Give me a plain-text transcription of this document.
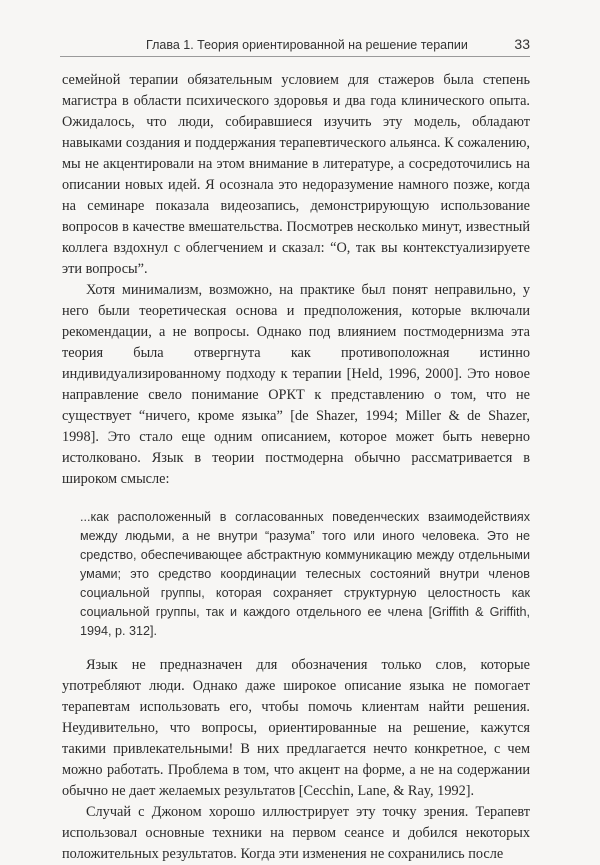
Глава 1. Теория ориентированной на решение терапии	33

семейной терапии обязательным условием для стажеров была степень магистра в области психического здоровья и два года клинического опыта. Ожидалось, что люди, собиравшиеся изучить эту модель, обладают навыками создания и поддержания терапевтического альянса. К сожалению, мы не акцентировали на этом внимание в литературе, а сосредоточились на описании новых идей. Я осознала это недоразумение намного позже, когда на семинаре показала видеозапись, демонстрирующую использование вопросов в качестве вмешательства. Посмотрев несколько минут, известный коллега вздохнул с облегчением и сказал: “О, так вы контекстуализируете эти вопросы”.

Хотя минимализм, возможно, на практике был понят неправильно, у него были теоретическая основа и предположения, которые включали рекомендации, а не вопросы. Однако под влиянием постмодернизма эта теория была отвергнута как противоположная истинно индивидуализированному подходу к терапии [Held, 1996, 2000]. Это новое направление свело понимание ОРКТ к представлению о том, что не существует “ничего, кроме языка” [de Shazer, 1994; Miller & de Shazer, 1998]. Это стало еще одним описанием, которое может быть неверно истолковано. Язык в теории постмодерна обычно рассматривается в широком смысле:

...как расположенный в согласованных поведенческих взаимодействиях между людьми, а не внутри “разума” того или иного человека. Это не средство, обеспечивающее абстрактную коммуникацию между отдельными умами; это средство координации телесных состояний внутри членов социальной группы, которая сохраняет структурную целостность как социальной группы, так и каждого отдельного ее члена [Griffith & Griffith, 1994, p. 312].

Язык не предназначен для обозначения только слов, которые употребляют люди. Однако даже широкое описание языка не помогает терапевтам использовать его, чтобы помочь клиентам найти решения. Неудивительно, что вопросы, ориентированные на решение, кажутся такими привлекательными! В них предлагается нечто конкретное, с чем можно работать. Проблема в том, что акцент на форме, а не на содержании обычно не дает желаемых результатов [Cecchin, Lane, & Ray, 1992].

Случай с Джоном хорошо иллюстрирует эту точку зрения. Терапевт использовал основные техники на первом сеансе и добился некоторых положительных результатов. Когда эти изменения не сохранились после
